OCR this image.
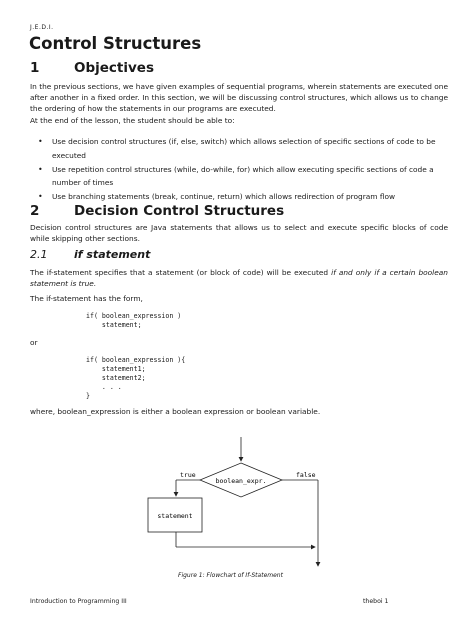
J.E.D.I.
Control Structures
1	Objectives
In the previous sections, we have given examples of sequential programs, wherein statements are executed one after another in a fixed order. In this section, we will be discussing control structures, which allows us to change the ordering of how the statements in our programs are executed.
At the end of the lesson, the student should be able to:
• Use decision control structures (if, else, switch) which allows selection of specific sections of code to be executed
• Use repetition control structures (while, do-while, for) which allow executing specific sections of code a number of times
• Use branching statements (break, continue, return) which allows redirection of program flow
2	Decision Control Structures
Decision control structures are Java statements that allows us to select and execute specific blocks of code while skipping other sections.
2.1 if statement
The if-statement specifies that a statement (or block of code) will be executed if and only if a certain boolean statement is true.
The if-statement has the form,
if( boolean_expression )
statement;
or
if( boolean_expression ){
statement1;
statement2;
. . .
}
where, boolean_expression is either a boolean expression or boolean variable.
boolean_expr.
true
statement
false
Figure 1: Flowchart of If-Statement
Introduction to Programming III	theboi 1
